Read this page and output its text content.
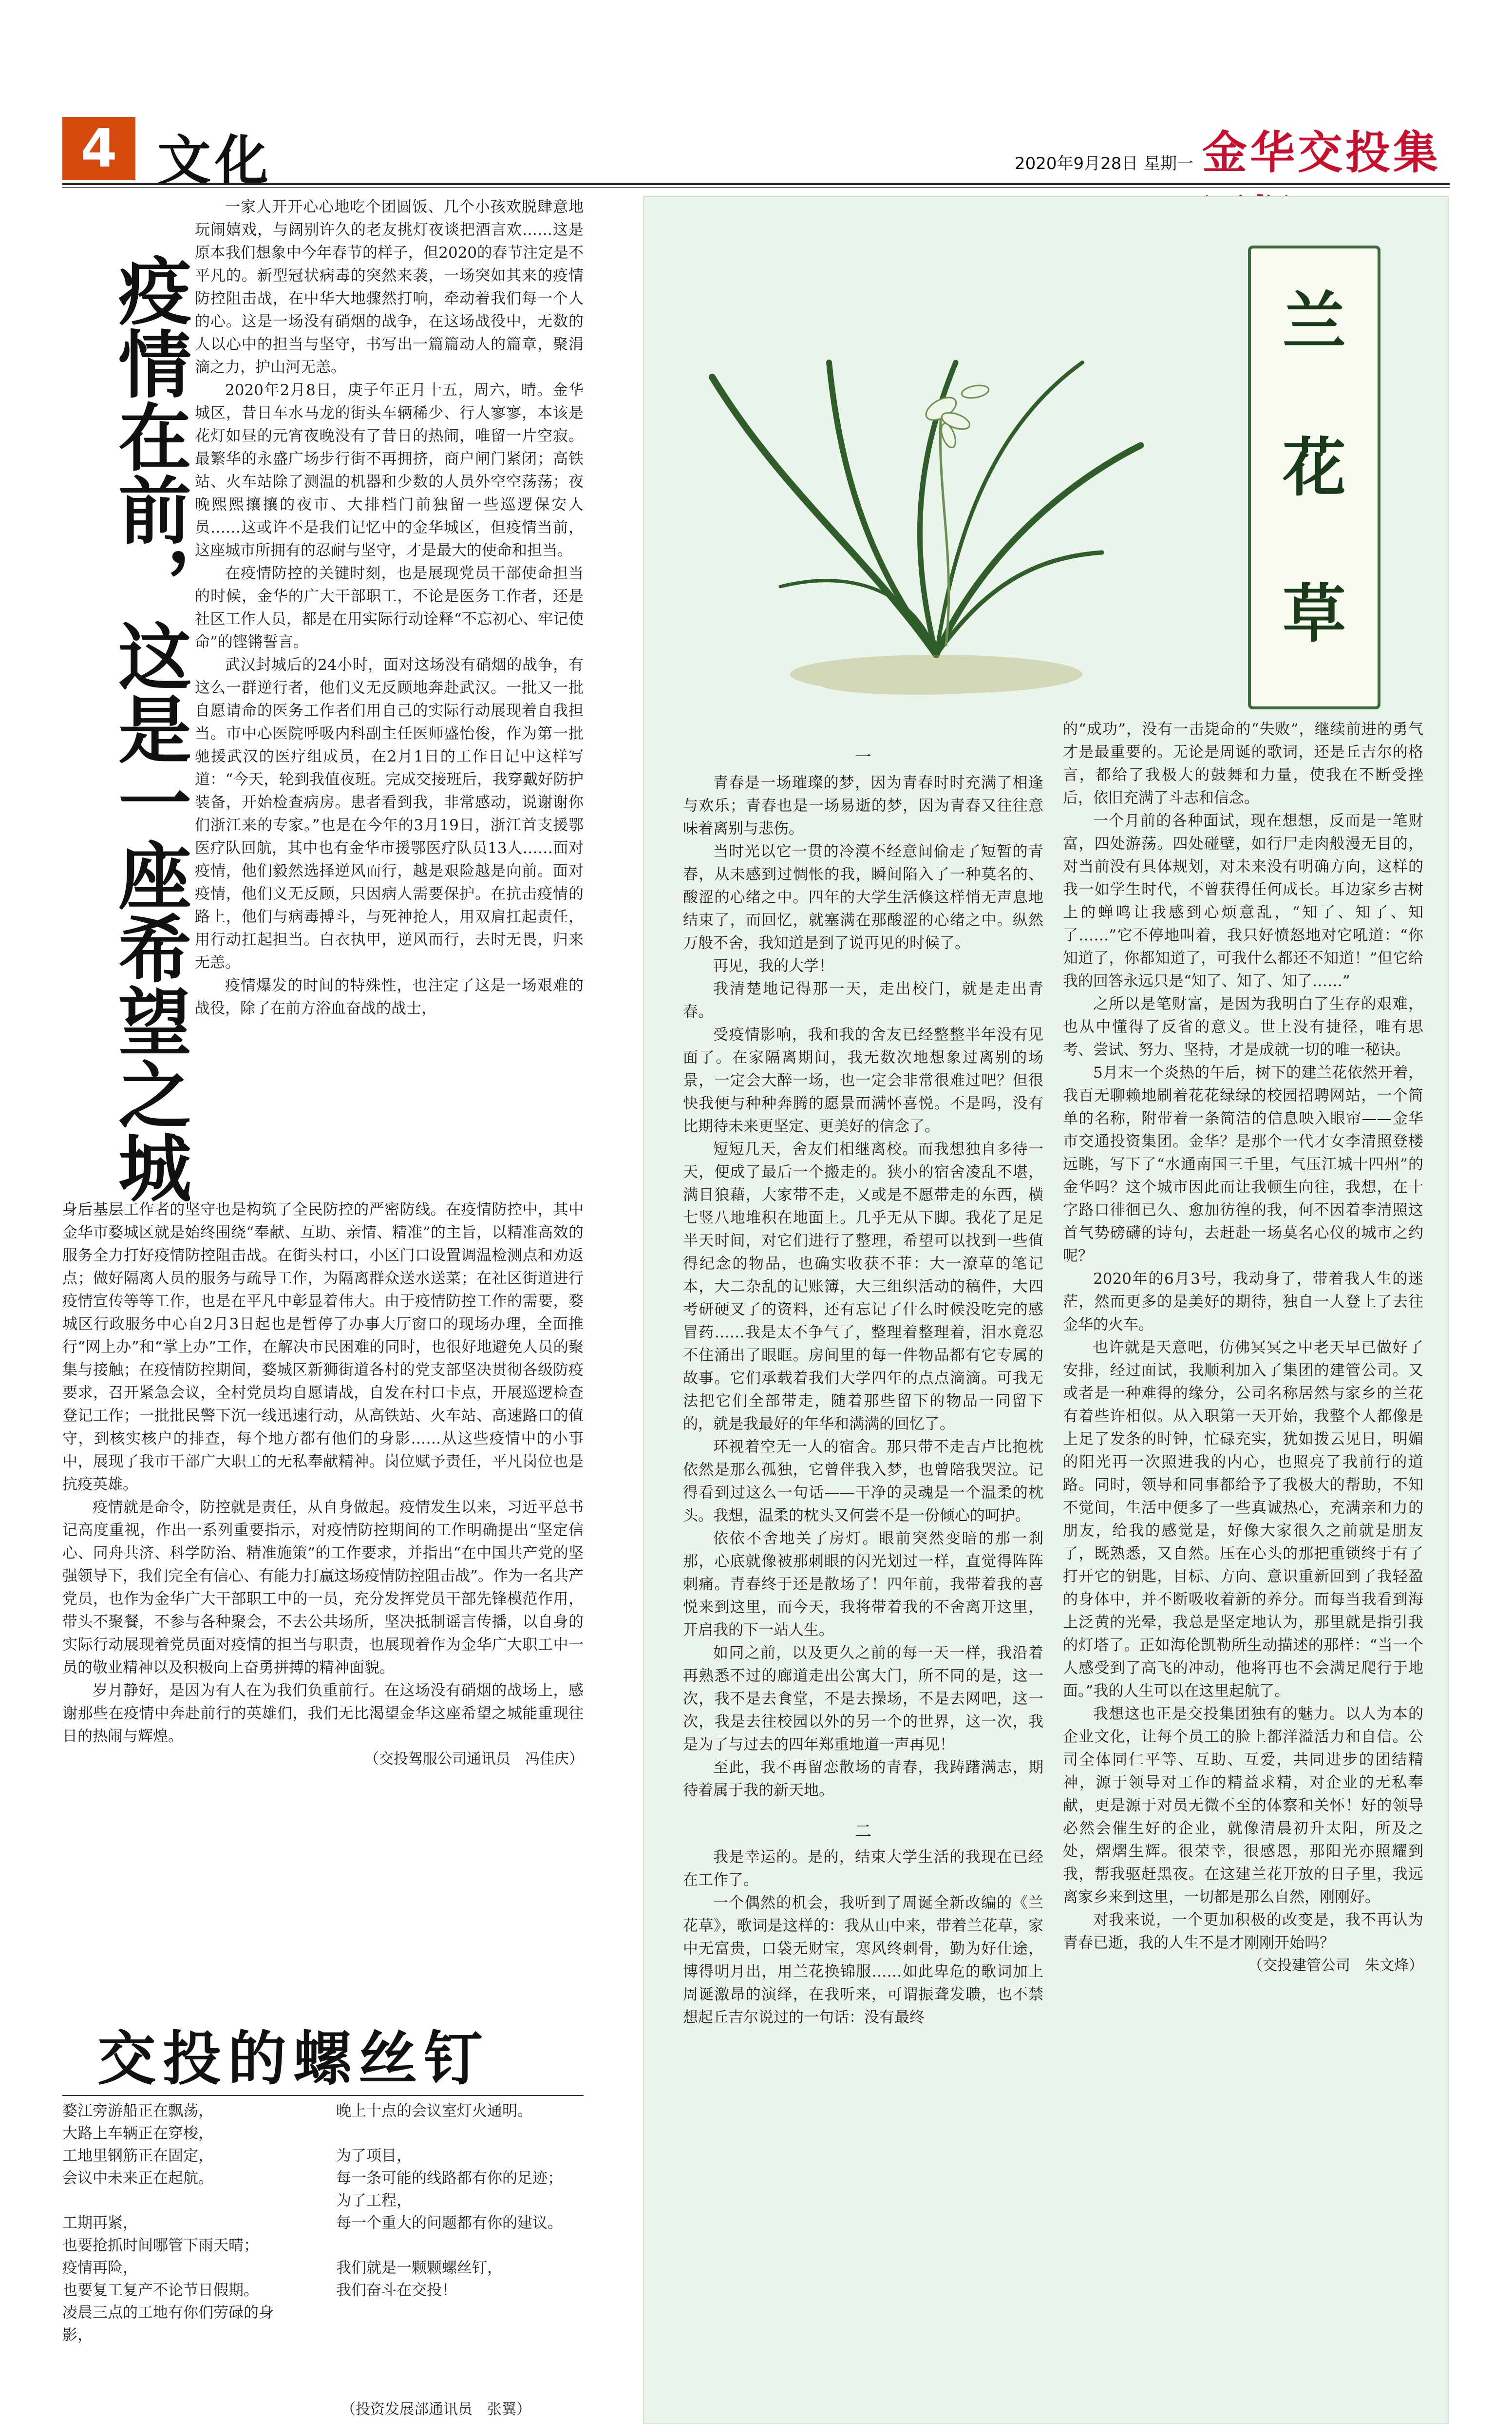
4 文化	2020年9月28日 星期一 金华交投集
疫情在前，这是一座希望之城

一家人开开心心地吃个团圆饭、几个小孩欢脱肆意地玩闹嬉戏，与阔别许久的老友挑灯夜谈把酒言欢……这是原本我们想象中今年春节的样子，但2020的春节注定是不平凡的。新型冠状病毒的突然来袭，一场突如其来的疫情防控阻击战，在中华大地骤然打响，牵动着我们每一个人的心。这是一场没有硝烟的战争，在这场战役中，无数的人以心中的担当与坚守，书写出一篇篇动人的篇章，聚涓滴之力，护山河无恙。

2020年2月8日，庚子年正月十五，周六，晴。金华城区，昔日车水马龙的街头车辆稀少、行人寥寥，本该是花灯如昼的元宵夜晚没有了昔日的热闹，唯留一片空寂。最繁华的永盛广场步行街不再拥挤，商户闸门紧闭；高铁站、火车站除了测温的机器和少数的人员外空空荡荡；夜晚熙熙攘攘的夜市、大排档门前独留一些巡逻保安人员……这或许不是我们记忆中的金华城区，但疫情当前，这座城市所拥有的忍耐与坚守，才是最大的使命和担当。

在疫情防控的关键时刻，也是展现党员干部使命担当的时候，金华的广大干部职工，不论是医务工作者，还是社区工作人员，都是在用实际行动诠释“不忘初心、牢记使命”的铿锵誓言。

武汉封城后的24小时，面对这场没有硝烟的战争，有这么一群逆行者，他们义无反顾地奔赴武汉。一批又一批自愿请命的医务工作者们用自己的实际行动展现着自我担当。市中心医院呼吸内科副主任医师盛怡俊，作为第一批驰援武汉的医疗组成员，在2月1日的工作日记中这样写道：“今天，轮到我值夜班。完成交接班后，我穿戴好防护装备，开始检查病房。患者看到我，非常感动，说谢谢你们浙江来的专家。”也是在今年的3月19日，浙江首支援鄂医疗队回航，其中也有金华市援鄂医疗队员13人……面对疫情，他们毅然选择逆风而行，越是艰险越是向前。面对疫情，他们义无反顾，只因病人需要保护。在抗击疫情的路上，他们与病毒搏斗，与死神抢人，用双肩扛起责任，用行动扛起担当。白衣执甲，逆风而行，去时无畏，归来无恙。

疫情爆发的时间的特殊性，也注定了这是一场艰难的战役，除了在前方浴血奋战的战士，

身后基层工作者的坚守也是构筑了全民防控的严密防线。在疫情防控中，其中金华市婺城区就是始终围绕“奉献、互助、亲情、精准”的主旨，以精准高效的服务全力打好疫情防控阻击战。在街头村口，小区门口设置调温检测点和劝返点；做好隔离人员的服务与疏导工作，为隔离群众送水送菜；在社区街道进行疫情宣传等等工作，也是在平凡中彰显着伟大。由于疫情防控工作的需要，婺城区行政服务中心自2月3日起也是暂停了办事大厅窗口的现场办理，全面推行“网上办”和“掌上办”工作，在解决市民困难的同时，也很好地避免人员的聚集与接触；在疫情防控期间，婺城区新狮街道各村的党支部坚决贯彻各级防疫要求，召开紧急会议，全村党员均自愿请战，自发在村口卡点，开展巡逻检查登记工作；一批批民警下沉一线迅速行动，从高铁站、火车站、高速路口的值守，到核实核户的排查，每个地方都有他们的身影……从这些疫情中的小事中，展现了我市干部广大职工的无私奉献精神。岗位赋予责任，平凡岗位也是抗疫英雄。

疫情就是命令，防控就是责任，从自身做起。疫情发生以来，习近平总书记高度重视，作出一系列重要指示，对疫情防控期间的工作明确提出“坚定信心、同舟共济、科学防治、精准施策”的工作要求，并指出“在中国共产党的坚强领导下，我们完全有信心、有能力打赢这场疫情防控阻击战”。作为一名共产党员，也作为金华广大干部职工中的一员，充分发挥党员干部先锋模范作用，带头不聚餐，不参与各种聚会，不去公共场所，坚决抵制谣言传播，以自身的实际行动展现着党员面对疫情的担当与职责，也展现着作为金华广大职工中一员的敬业精神以及积极向上奋勇拼搏的精神面貌。

岁月静好，是因为有人在为我们负重前行。在这场没有硝烟的战场上，感谢那些在疫情中奔赴前行的英雄们，我们无比渴望金华这座希望之城能重现往日的热闹与辉煌。

（交投驾服公司通讯员　冯佳庆）

交投的螺丝钉
婺江旁游船正在飘荡，
大路上车辆正在穿梭，
工地里钢筋正在固定，
会议中未来正在起航。
工期再紧，
也要抢抓时间哪管下雨天晴；
疫情再险，
也要复工复产不论节日假期。
凌晨三点的工地有你们劳碌的身影，
晚上十点的会议室灯火通明。
为了项目，
每一条可能的线路都有你的足迹；
为了工程，
每一个重大的问题都有你的建议。
我们就是一颗颗螺丝钉，
我们奋斗在交投！
（投资发展部通讯员　张翼）
兰
花
草

一

青春是一场璀璨的梦，因为青春时时充满了相逢与欢乐；青春也是一场易逝的梦，因为青春又往往意味着离别与悲伤。

当时光以它一贯的冷漠不经意间偷走了短暂的青春，从未感到过惆怅的我，瞬间陷入了一种莫名的、酸涩的心绪之中。四年的大学生活倏这样悄无声息地结束了，而回忆，就塞满在那酸涩的心绪之中。纵然万般不舍，我知道是到了说再见的时候了。

再见，我的大学！

我清楚地记得那一天，走出校门，就是走出青春。

受疫情影响，我和我的舍友已经整整半年没有见面了。在家隔离期间，我无数次地想象过离别的场景，一定会大醉一场，也一定会非常很难过吧？但很快我便与种种奔腾的愿景而满怀喜悦。不是吗，没有比期待未来更坚定、更美好的信念了。

短短几天，舍友们相继离校。而我想独自多待一天，便成了最后一个搬走的。狭小的宿舍凌乱不堪，满目狼藉，大家带不走，又或是不愿带走的东西，横七竖八地堆积在地面上。几乎无从下脚。我花了足足半天时间，对它们进行了整理，希望可以找到一些值得纪念的物品，也确实收获不菲：大一潦草的笔记本，大二杂乱的记账簿，大三组织活动的稿件，大四考研硬叉了的资料，还有忘记了什么时候没吃完的感冒药……我是太不争气了，整理着整理着，泪水竟忍不住涌出了眼眶。房间里的每一件物品都有它专属的故事。它们承载着我们大学四年的点点滴滴。可我无法把它们全部带走，随着那些留下的物品一同留下的，就是我最好的年华和满满的回忆了。

环视着空无一人的宿舍。那只带不走吉卢比抱枕依然是那么孤独，它曾伴我入梦，也曾陪我哭泣。记得看到过这么一句话——干净的灵魂是一个温柔的枕头。我想，温柔的枕头又何尝不是一份倾心的呵护。

依依不舍地关了房灯。眼前突然变暗的那一刹那，心底就像被那刺眼的闪光划过一样，直觉得阵阵刺痛。青春终于还是散场了！四年前，我带着我的喜悦来到这里，而今天，我将带着我的不舍离开这里，开启我的下一站人生。

如同之前，以及更久之前的每一天一样，我沿着再熟悉不过的廊道走出公寓大门，所不同的是，这一次，我不是去食堂，不是去操场，不是去网吧，这一次，我是去往校园以外的另一个的世界，这一次，我是为了与过去的四年郑重地道一声再见！

至此，我不再留恋散场的青春，我踌躇满志，期待着属于我的新天地。

二

我是幸运的。是的，结束大学生活的我现在已经在工作了。

一个偶然的机会，我听到了周诞全新改编的《兰花草》，歌词是这样的：我从山中来，带着兰花草，家中无富贵，口袋无财宝，寒风终刺骨，勤为好仕途，博得明月出，用兰花换锦服……如此卑危的歌词加上周诞激昂的演绎，在我听来，可谓振聋发聩，也不禁想起丘吉尔说过的一句话：没有最终

的“成功”，没有一击毙命的“失败”，继续前进的勇气才是最重要的。无论是周诞的歌词，还是丘吉尔的格言，都给了我极大的鼓舞和力量，使我在不断受挫后，依旧充满了斗志和信念。

一个月前的各种面试，现在想想，反而是一笔财富，四处游荡。四处碰壁，如行尸走肉般漫无目的，对当前没有具体规划，对未来没有明确方向，这样的我一如学生时代，不曾获得任何成长。耳边家乡古树上的蝉鸣让我感到心烦意乱，“知了、知了、知了……”它不停地叫着，我只好愤怒地对它吼道：“你知道了，你都知道了，可我什么都还不知道！”但它给我的回答永远只是“知了、知了、知了……”

之所以是笔财富，是因为我明白了生存的艰难，也从中懂得了反省的意义。世上没有捷径，唯有思考、尝试、努力、坚持，才是成就一切的唯一秘诀。

5月末一个炎热的午后，树下的建兰花依然开着，我百无聊赖地刷着花花绿绿的校园招聘网站，一个简单的名称，附带着一条简洁的信息映入眼帘——金华市交通投资集团。金华？是那个一代才女李清照登楼远眺，写下了“水通南国三千里，气压江城十四州”的金华吗？这个城市因此而让我顿生向往，我想，在十字路口徘徊已久、愈加彷徨的我，何不因着李清照这首气势磅礴的诗句，去赶赴一场莫名心仪的城市之约呢？

2020年的6月3号，我动身了，带着我人生的迷茫，然而更多的是美好的期待，独自一人登上了去往金华的火车。

也许就是天意吧，仿佛冥冥之中老天早已做好了安排，经过面试，我顺利加入了集团的建管公司。又或者是一种难得的缘分，公司名称居然与家乡的兰花有着些许相似。从入职第一天开始，我整个人都像是上足了发条的时钟，忙碌充实，犹如拨云见日，明媚的阳光再一次照进我的内心，也照亮了我前行的道路。同时，领导和同事都给予了我极大的帮助，不知不觉间，生活中便多了一些真诚热心，充满亲和力的朋友，给我的感觉是，好像大家很久之前就是朋友了，既熟悉，又自然。压在心头的那把重锁终于有了打开它的钥匙，目标、方向、意识重新回到了我轻盈的身体中，并不断吸收着新的养分。而每当我看到海上泛黄的光晕，我总是坚定地认为，那里就是指引我的灯塔了。正如海伦凯勒所生动描述的那样：“当一个人感受到了高飞的冲动，他将再也不会满足爬行于地面。”我的人生可以在这里起航了。

我想这也正是交投集团独有的魅力。以人为本的企业文化，让每个员工的脸上都洋溢活力和自信。公司全体同仁平等、互助、互爱，共同进步的团结精神，源于领导对工作的精益求精，对企业的无私奉献，更是源于对员无微不至的体察和关怀！好的领导必然会催生好的企业，就像清晨初升太阳，所及之处，熠熠生辉。很荣幸，很感恩，那阳光亦照耀到我，帮我驱赶黑夜。在这建兰花开放的日子里，我远离家乡来到这里，一切都是那么自然，刚刚好。

对我来说，一个更加积极的改变是，我不再认为青春已逝，我的人生不是才刚刚开始吗？

（交投建管公司　朱文烽）
